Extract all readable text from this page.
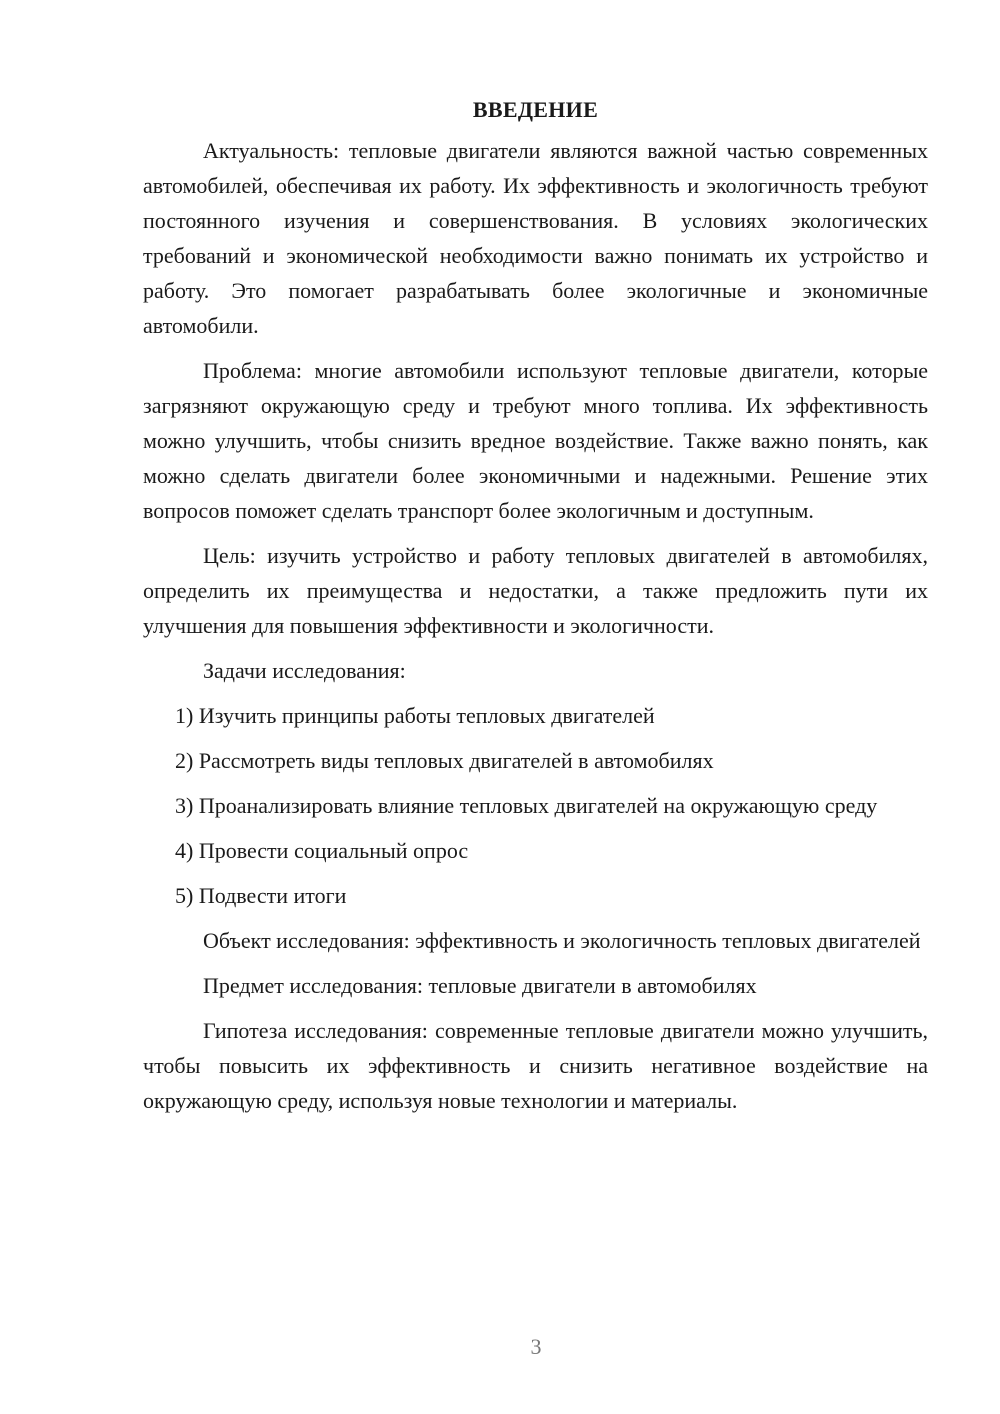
ВВЕДЕНИЕ

Актуальность: тепловые двигатели являются важной частью современных автомобилей, обеспечивая их работу. Их эффективность и экологичность требуют постоянного изучения и совершенствования. В условиях экологических требований и экономической необходимости важно понимать их устройство и работу. Это помогает разрабатывать более экологичные и экономичные автомобили.

Проблема: многие автомобили используют тепловые двигатели, которые загрязняют окружающую среду и требуют много топлива. Их эффективность можно улучшить, чтобы снизить вредное воздействие. Также важно понять, как можно сделать двигатели более экономичными и надежными. Решение этих вопросов поможет сделать транспорт более экологичным и доступным.

Цель: изучить устройство и работу тепловых двигателей в автомобилях, определить их преимущества и недостатки, а также предложить пути их улучшения для повышения эффективности и экологичности.

Задачи исследования:

1) Изучить принципы работы тепловых двигателей
2) Рассмотреть виды тепловых двигателей в автомобилях
3) Проанализировать влияние тепловых двигателей на окружающую среду
4) Провести социальный опрос
5) Подвести итоги

Объект исследования: эффективность и экологичность тепловых двигателей

Предмет исследования: тепловые двигатели в автомобилях

Гипотеза исследования: современные тепловые двигатели можно улучшить, чтобы повысить их эффективность и снизить негативное воздействие на окружающую среду, используя новые технологии и материалы.

3
